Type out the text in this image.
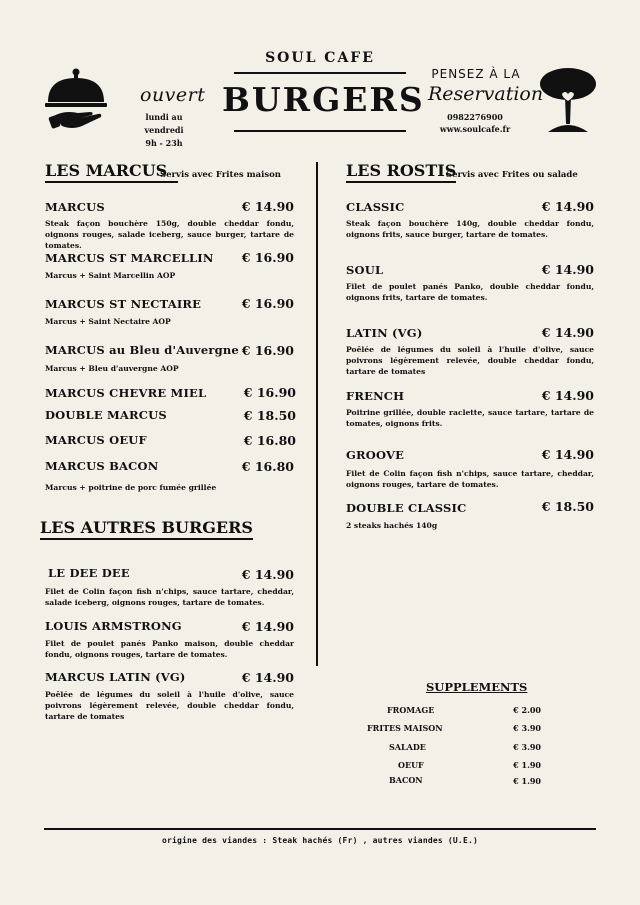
ouvert
lundi au vendredi
9h - 23h
SOUL CAFE
BURGERS
PENSEZ À LA
Reservation
0982276900
www.soulcafe.fr
LES MARCUS
Servis avec Frites maison
MARCUS	€ 14.90
Steak façon bouchère 150g, double cheddar fondu, oignons rouges, salade iceberg, sauce burger, tartare de tomates.
MARCUS ST MARCELLIN	€ 16.90
Marcus + Saint Marcellin AOP
MARCUS ST NECTAIRE	€ 16.90
Marcus + Saint Nectaire AOP
MARCUS au Bleu d'Auvergne € 16.90
Marcus + Bleu d'auvergne AOP
MARCUS CHEVRE MIEL	€ 16.90
DOUBLE MARCUS	€ 18.50
MARCUS OEUF	€ 16.80
MARCUS BACON	€ 16.80
Marcus + poitrine de porc fumée grillée
LES AUTRES BURGERS
LE DEE DEE	€ 14.90
Filet de Colin façon fish n'chips, sauce tartare, cheddar, salade iceberg, oignons rouges, tartare de tomates.
LOUIS ARMSTRONG	€ 14.90
Filet de poulet panés Panko maison, double cheddar fondu, oignons rouges, tartare de tomates.
MARCUS LATIN (VG)	€ 14.90
Poêlée de légumes du soleil à l'huile d'olive, sauce poivrons légèrement relevée, double cheddar fondu, tartare de tomates
LES ROSTIS
Servis avec Frites ou salade
CLASSIC	€ 14.90
Steak façon bouchère 140g, double cheddar fondu, oignons frits, sauce burger, tartare de tomates.
SOUL	€ 14.90
Filet de poulet panés Panko, double cheddar fondu, oignons frits, tartare de tomates.
LATIN (VG)	€ 14.90
Poêlée de légumes du soleil à l'huile d'olive, sauce poivrons légèrement relevée, double cheddar fondu, tartare de tomates
FRENCH	€ 14.90
Poitrine grillée, double raclette, sauce tartare, tartare de tomates, oignons frits.
GROOVE	€ 14.90
Filet de Colin façon fish n'chips, sauce tartare, cheddar, oignons rouges, tartare de tomates.
DOUBLE CLASSIC	€ 18.50
2 steaks hachés 140g
SUPPLEMENTS
FROMAGE	€ 2.00
FRITES MAISON	€ 3.90
SALADE	€ 3.90
OEUF	€ 1.90
BACON	€ 1.90
origine des viandes : Steak hachés (Fr) , autres viandes (U.E.)
